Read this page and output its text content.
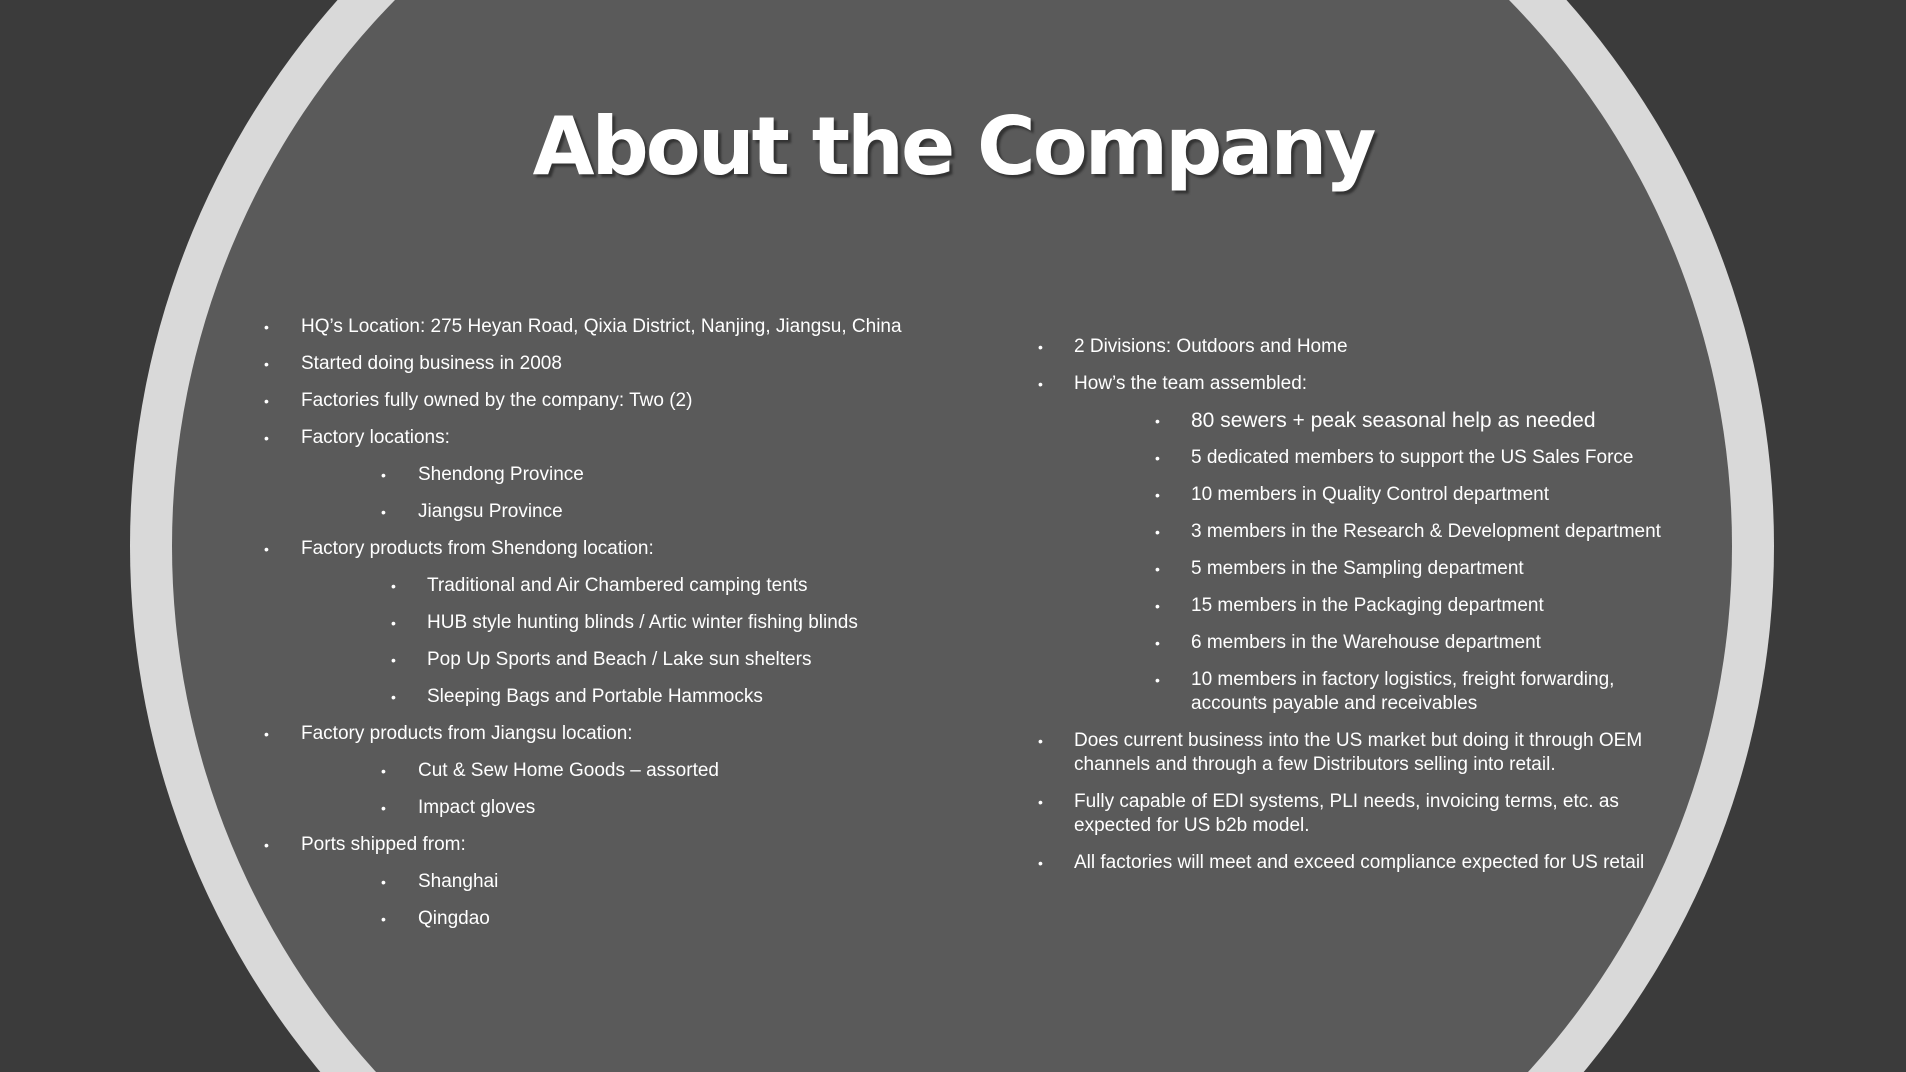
About the Company
• HQ’s Location: 275 Heyan Road, Qixia District, Nanjing, Jiangsu, China
• Started doing business in 2008
• Factories fully owned by the company: Two (2)
• Factory locations:
• Shendong Province
• Jiangsu Province
• Factory products from Shendong location:
• Traditional and Air Chambered camping tents
• HUB style hunting blinds / Artic winter fishing blinds
• Pop Up Sports and Beach / Lake sun shelters
• Sleeping Bags and Portable Hammocks
• Factory products from Jiangsu location:
• Cut & Sew Home Goods – assorted
• Impact gloves
• Ports shipped from:
• Shanghai
• Qingdao
• 2 Divisions: Outdoors and Home
• How’s the team assembled:
• 80 sewers + peak seasonal help as needed
• 5 dedicated members to support the US Sales Force
• 10 members in Quality Control department
• 3 members in the Research & Development department
• 5 members in the Sampling department
• 15 members in the Packaging department
• 6 members in the Warehouse department
• 10 members in factory logistics, freight forwarding, accounts payable and receivables
• Does current business into the US market but doing it through OEM channels and through a few Distributors selling into retail.
• Fully capable of EDI systems, PLI needs, invoicing terms, etc. as expected for US b2b model.
• All factories will meet and exceed compliance expected for US retail
